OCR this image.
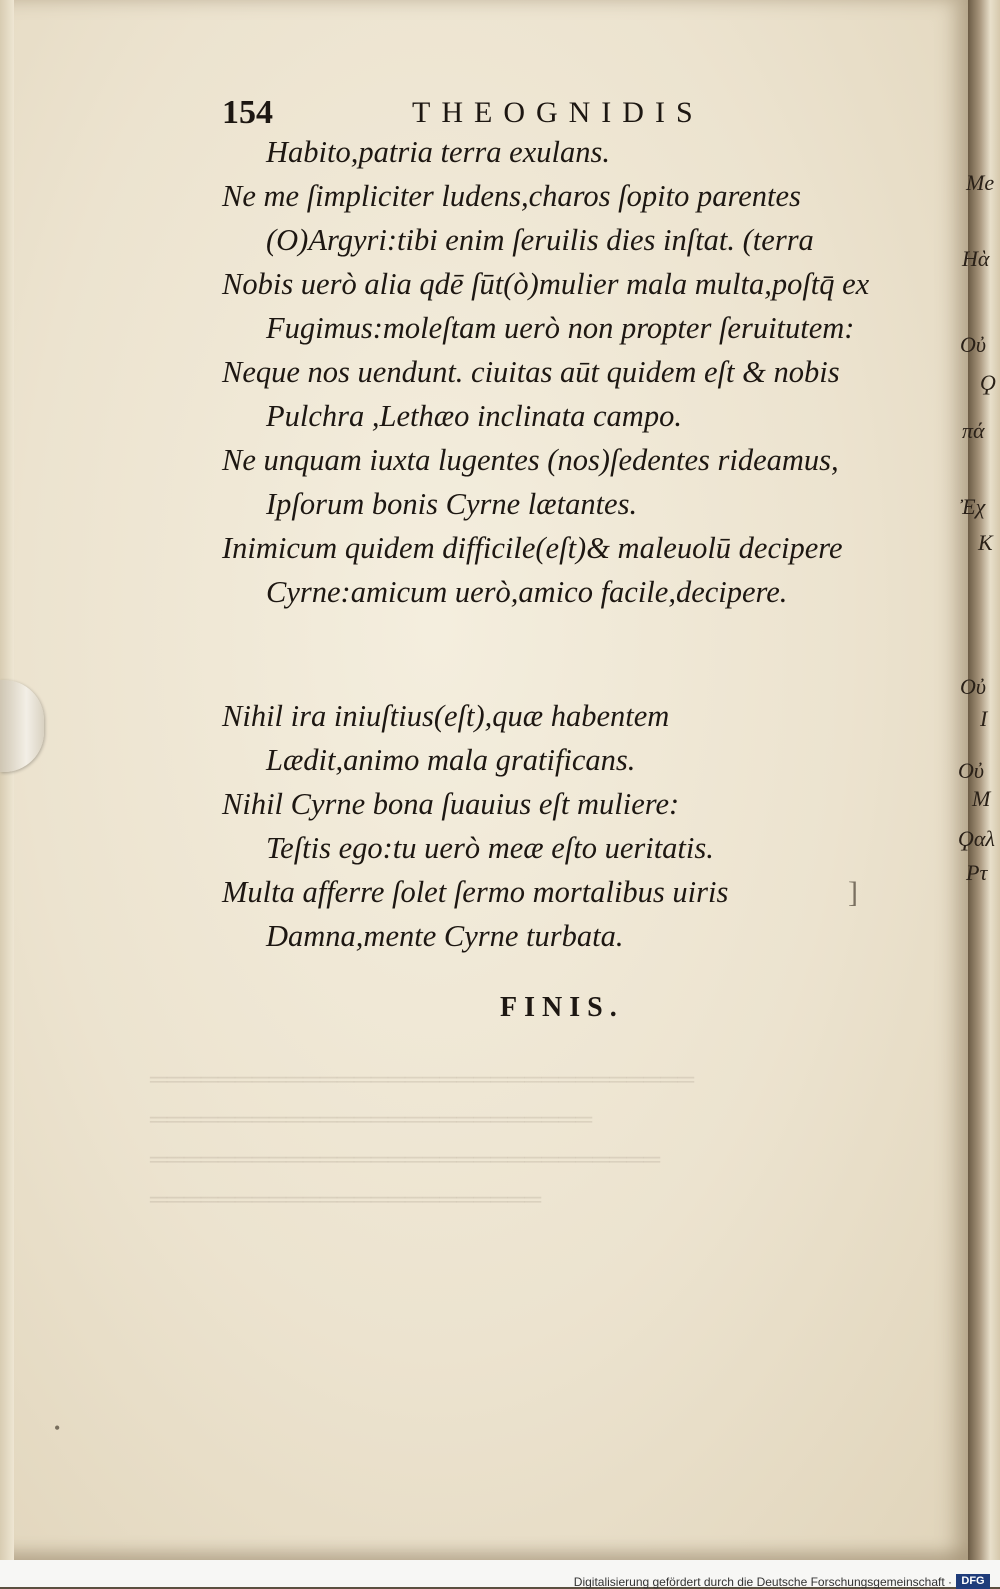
════════════════════════════════
══════════════════════════
══════════════════════════════
═══════════════════════
154	THEOGNIDIS
Habito,patria terra exulans.
Ne me ſimpliciter ludens,charos ſopito parentes
(O)Argyri:tibi enim ſeruilis dies inſtat. (terra
Nobis uerò alia qdē ſūt(ò)mulier mala multa,poſtq̄ ex
Fugimus:moleſtam uerò non propter ſeruitutem:
Neque nos uendunt. ciuitas aūt quidem eſt & nobis
Pulchra ,Lethæo inclinata campo.
Ne unquam iuxta lugentes (nos)ſedentes rideamus,
Ipſorum bonis Cyrne lætantes.
Inimicum quidem difficile(eſt)& maleuolū decipere
Cyrne:amicum uerò,amico facile,decipere.
Nihil ira iniuſtius(eſt),quæ habentem
Lædit,animo mala gratificans.
Nihil Cyrne bona ſuauius eſt muliere:
Teſtis ego:tu uerò meæ eſto ueritatis.
Multa afferre ſolet ſermo mortalibus uiris
Damna,mente Cyrne turbata.
FINIS.
•
]
Me
Ηὰ
Οὐ
Ϙ
πά
Ἐχ
Κ
Οὐ
Ι
Οὐ
Μ
Ϙαλ
Ρτ
Digitalisierung gefördert durch die Deutsche Forschungsgemeinschaft · DFG
